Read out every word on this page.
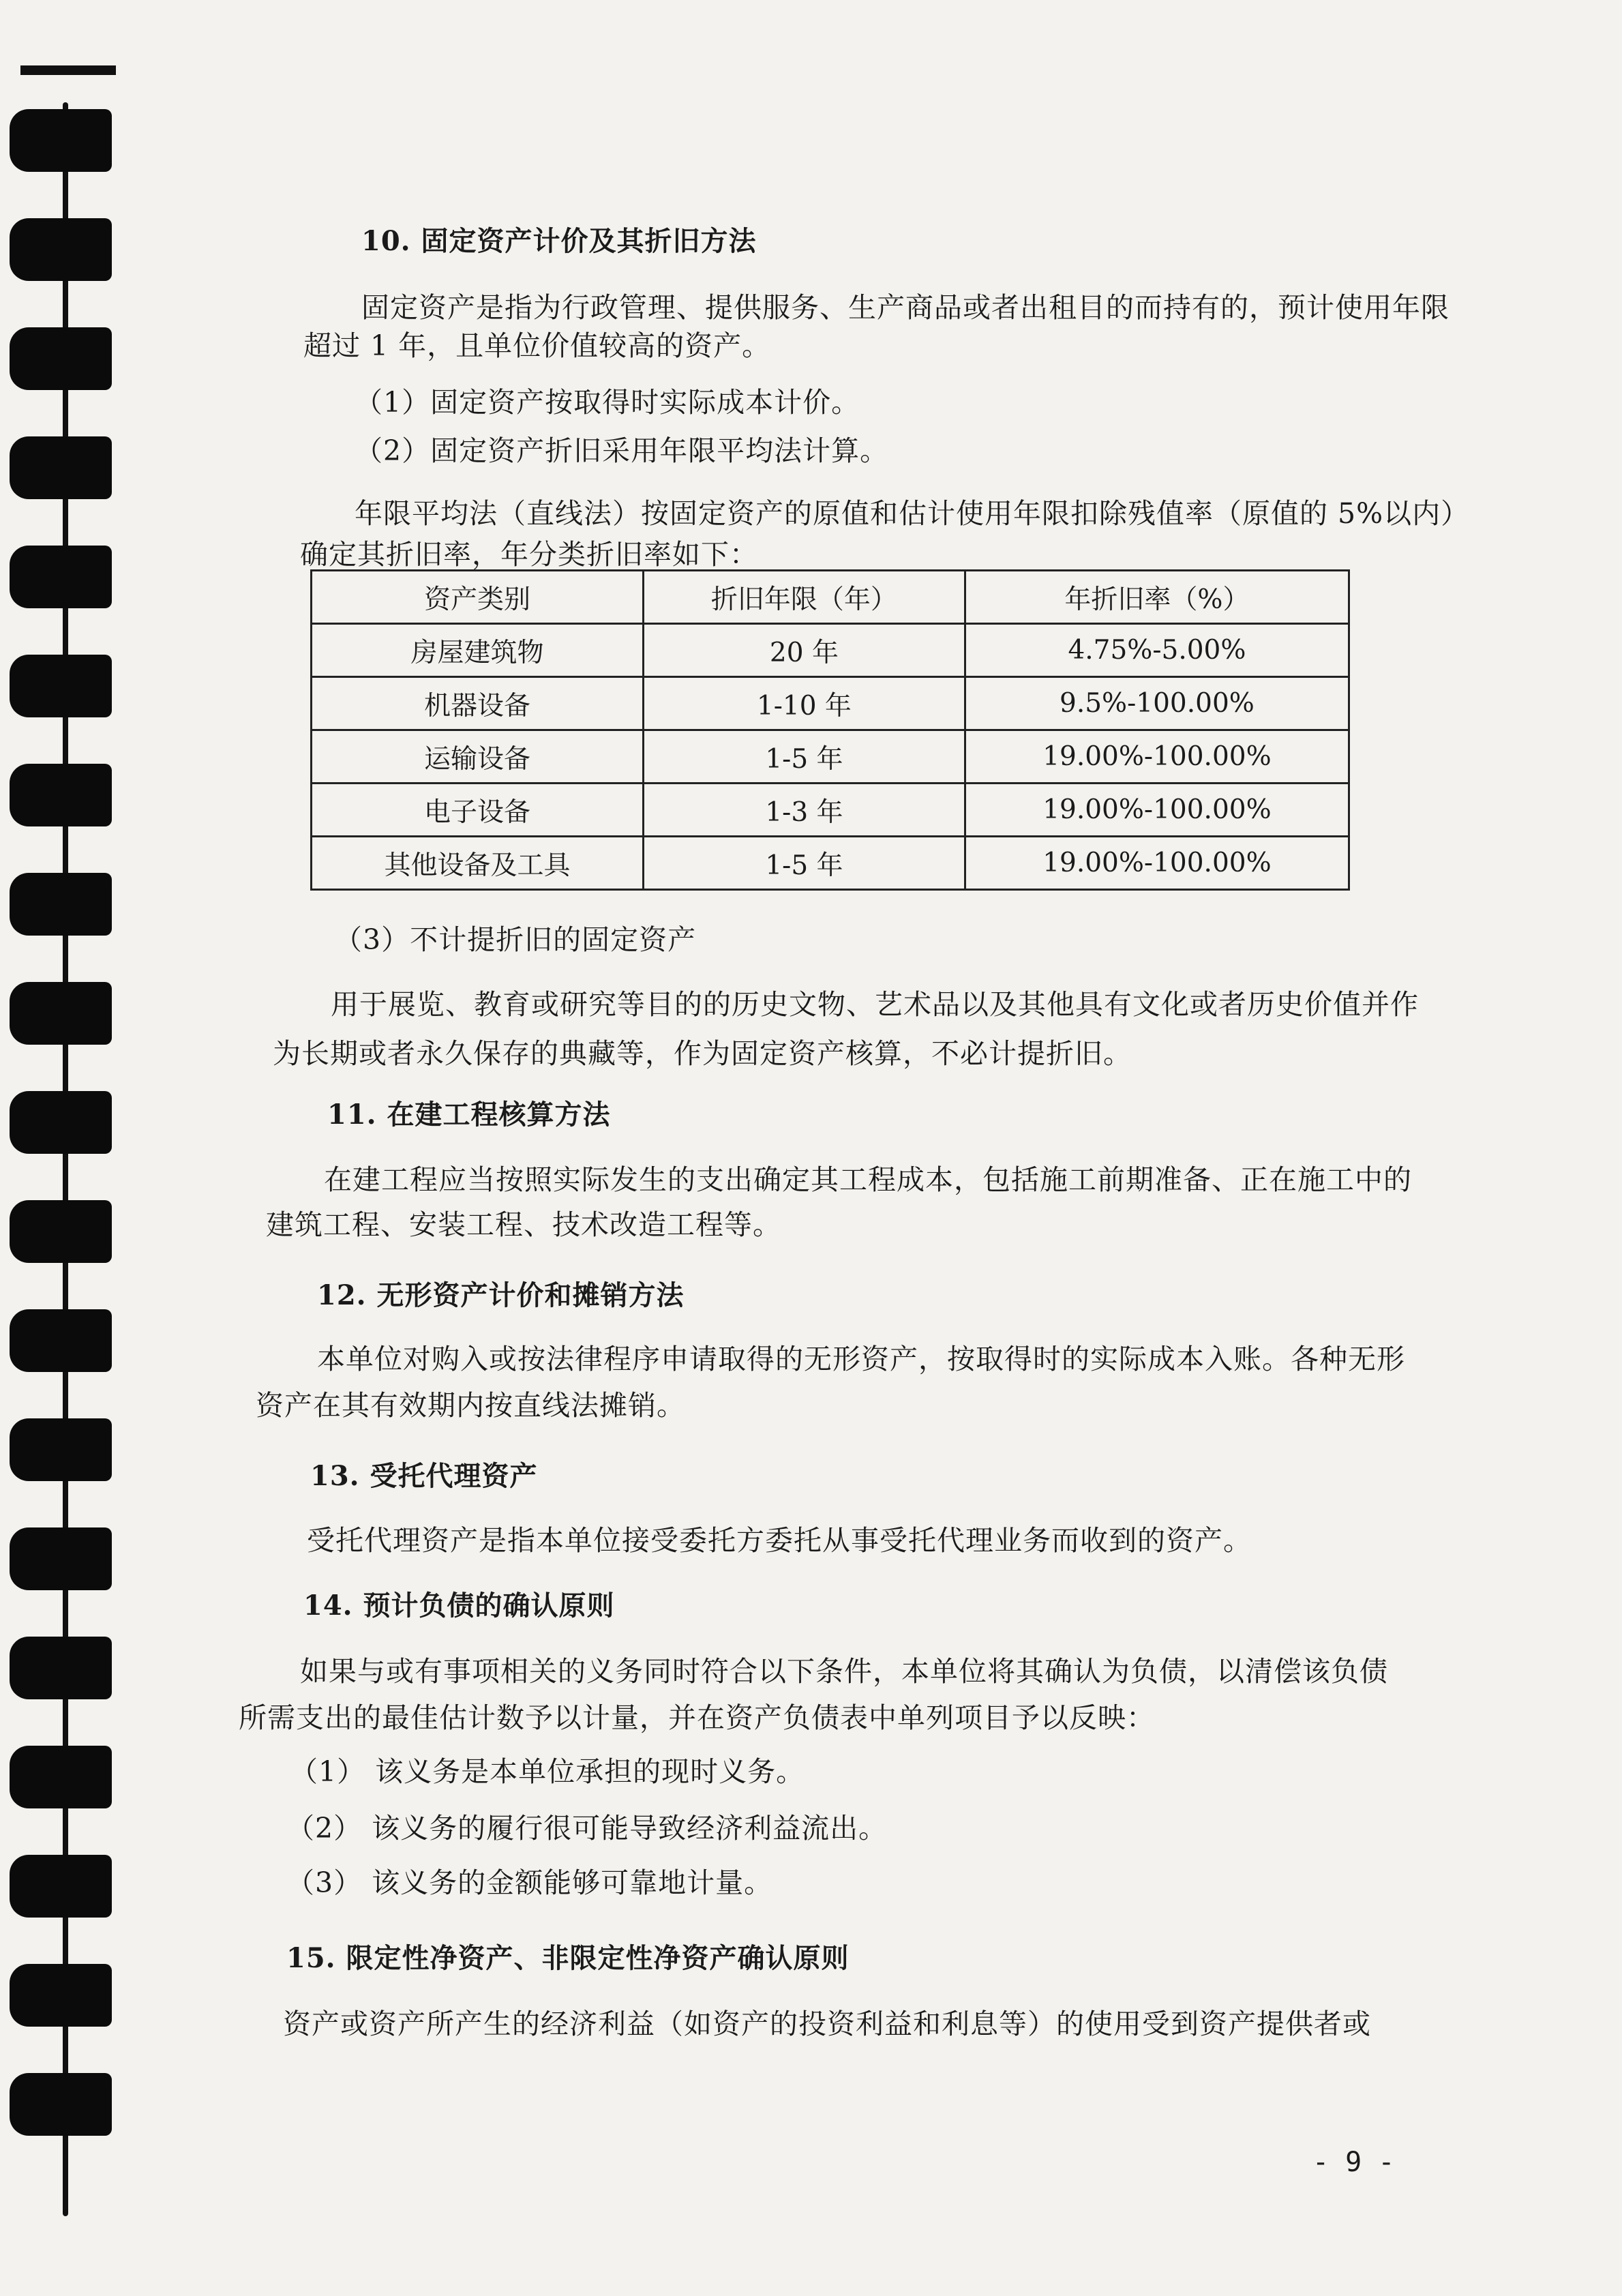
10. 固定资产计价及其折旧方法
固定资产是指为行政管理、提供服务、生产商品或者出租目的而持有的，预计使用年限
超过 1 年，且单位价值较高的资产。
（1）固定资产按取得时实际成本计价。
（2）固定资产折旧采用年限平均法计算。
年限平均法（直线法）按固定资产的原值和估计使用年限扣除残值率（原值的 5%以内）
确定其折旧率，年分类折旧率如下：
资产类别	折旧年限（年）	年折旧率（%）
房屋建筑物	20 年	4.75%-5.00%
机器设备	1-10 年	9.5%-100.00%
运输设备	1-5 年	19.00%-100.00%
电子设备	1-3 年	19.00%-100.00%
其他设备及工具	1-5 年	19.00%-100.00%
（3）不计提折旧的固定资产
用于展览、教育或研究等目的的历史文物、艺术品以及其他具有文化或者历史价值并作
为长期或者永久保存的典藏等，作为固定资产核算，不必计提折旧。
11. 在建工程核算方法
在建工程应当按照实际发生的支出确定其工程成本，包括施工前期准备、正在施工中的
建筑工程、安装工程、技术改造工程等。
12. 无形资产计价和摊销方法
本单位对购入或按法律程序申请取得的无形资产，按取得时的实际成本入账。各种无形
资产在其有效期内按直线法摊销。
13. 受托代理资产
受托代理资产是指本单位接受委托方委托从事受托代理业务而收到的资产。
14. 预计负债的确认原则
如果与或有事项相关的义务同时符合以下条件，本单位将其确认为负债，以清偿该负债
所需支出的最佳估计数予以计量，并在资产负债表中单列项目予以反映：
（1） 该义务是本单位承担的现时义务。
（2） 该义务的履行很可能导致经济利益流出。
（3） 该义务的金额能够可靠地计量。
15. 限定性净资产、非限定性净资产确认原则
资产或资产所产生的经济利益（如资产的投资利益和利息等）的使用受到资产提供者或
- 9 -
